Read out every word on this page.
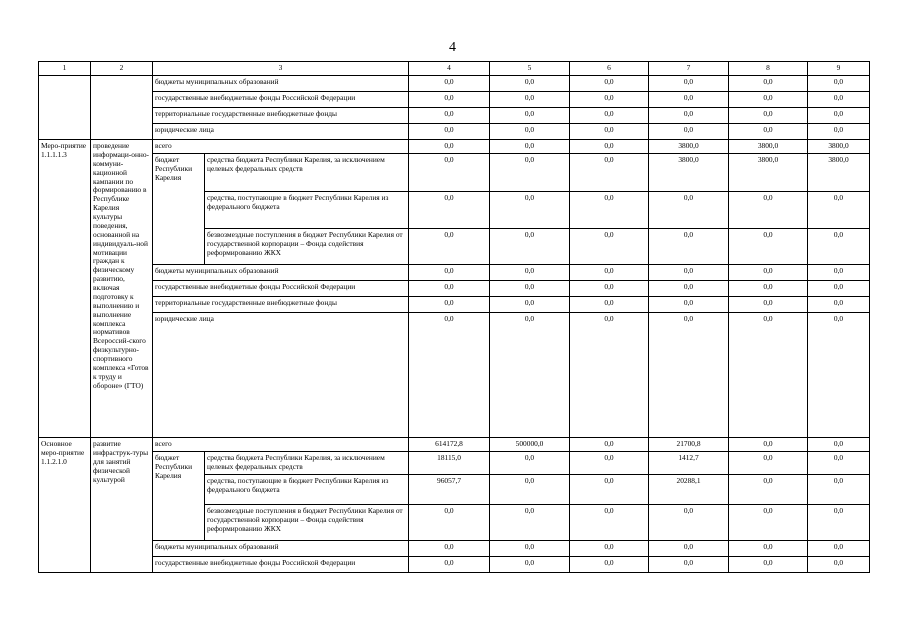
4
1	2	3		4	5	6	7	8	9
		бюджеты муниципальных образований		0,0	0,0	0,0	0,0	0,0	0,0
		государственные внебюджетные фонды Российской Федерации		0,0	0,0	0,0	0,0	0,0	0,0
		территориальные государственные внебюджетные фонды		0,0	0,0	0,0	0,0	0,0	0,0
		юридические лица		0,0	0,0	0,0	0,0	0,0	0,0
Меро-приятие 1.1.1.1.3	проведение информаци-онно-коммуни-кационной кампании по формированию в Республике Карелия культуры поведения, основанной на индивидуаль-ной мотивации граждан к физическому развитию, включая подготовку к выполнению и выполнение комплекса нормативов Всероссий-ского физкультурно-спортивного комплекса «Готов к труду и обороне» (ГТО)	всего		0,0	0,0	0,0	3800,0	3800,0	3800,0
		бюджет Республики Карелия	средства бюджета Республики Карелия, за исключением целевых федеральных средств	0,0	0,0	0,0	3800,0	3800,0	3800,0
			средства, поступающие в бюджет Республики Карелия из федерального бюджета	0,0	0,0	0,0	0,0	0,0	0,0
			безвозмездные поступления в бюджет Республики Карелия от государственной корпорации – Фонда содействия реформированию ЖКХ	0,0	0,0	0,0	0,0	0,0	0,0
		бюджеты муниципальных образований		0,0	0,0	0,0	0,0	0,0	0,0
		государственные внебюджетные фонды Российской Федерации		0,0	0,0	0,0	0,0	0,0	0,0
		территориальные государственные внебюджетные фонды		0,0	0,0	0,0	0,0	0,0	0,0
		юридические лица		0,0	0,0	0,0	0,0	0,0	0,0
Основное меро-приятие 1.1.2.1.0	развитие инфраструк-туры для занятий физической культурой	всего		614172,8	500000,0	0,0	21700,8	0,0	0,0
		бюджет Республики Карелия	средства бюджета Республики Карелия, за исключением целевых федеральных средств	18115,0	0,0	0,0	1412,7	0,0	0,0
			средства, поступающие в бюджет Республики Карелия из федерального бюджета	96057,7	0,0	0,0	20288,1	0,0	0,0
			безвозмездные поступления в бюджет Республики Карелия от государственной корпорации – Фонда содействия реформированию ЖКХ	0,0	0,0	0,0	0,0	0,0	0,0
		бюджеты муниципальных образований		0,0	0,0	0,0	0,0	0,0	0,0
		государственные внебюджетные фонды Российской Федерации		0,0	0,0	0,0	0,0	0,0	0,0
